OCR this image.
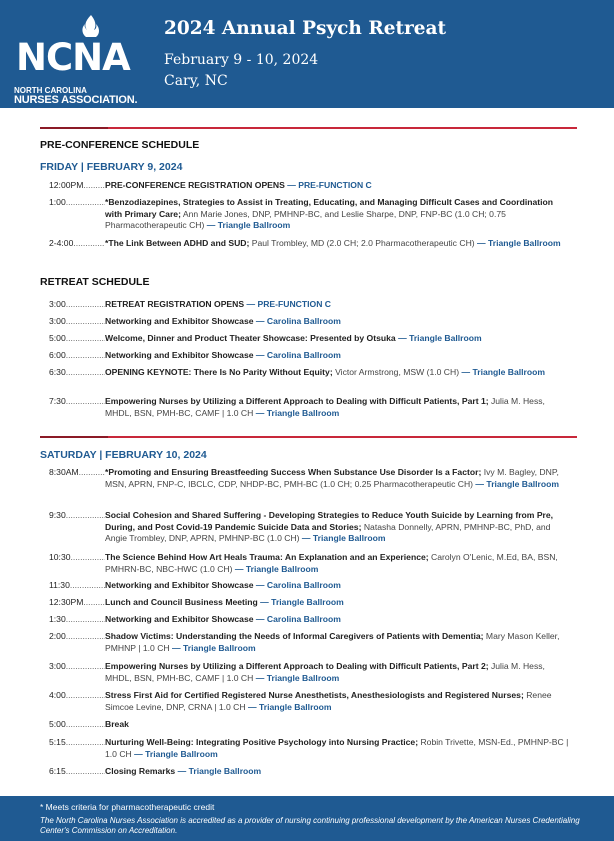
NCNA
NORTH CAROLINA
NURSES ASSOCIATION.
2024 Annual Psych Retreat
February 9 - 10, 2024
Cary, NC
PRE-CONFERENCE SCHEDULE
FRIDAY | FEBRUARY 9, 2024
12:00PM .....	PRE-CONFERENCE REGISTRATION OPENS — PRE-FUNCTION C
1:00 .....	*Benzodiazepines, Strategies to Assist in Treating, Educating, and Managing Difficult Cases and Coordination with Primary Care; Ann Marie Jones, DNP, PMHNP-BC, and Leslie Sharpe, DNP, FNP-BC (1.0 CH; 0.75 Pharmacotherapeutic CH) — Triangle Ballroom
2-4:00 .....	*The Link Between ADHD and SUD; Paul Trombley, MD (2.0 CH; 2.0 Pharmacotherapeutic CH) — Triangle Ballroom
RETREAT SCHEDULE
3:00 .....	RETREAT REGISTRATION OPENS — PRE-FUNCTION C
3:00 .....	Networking and Exhibitor Showcase — Carolina Ballroom
5:00 .....	Welcome, Dinner and Product Theater Showcase: Presented by Otsuka — Triangle Ballroom
6:00 .....	Networking and Exhibitor Showcase — Carolina Ballroom
6:30 .....	OPENING KEYNOTE: There Is No Parity Without Equity; Victor Armstrong, MSW (1.0 CH) — Triangle Ballroom
7:30 .....	Empowering Nurses by Utilizing a Different Approach to Dealing with Difficult Patients, Part 1; Julia M. Hess, MHDL, BSN, PMH-BC, CAMF | 1.0 CH — Triangle Ballroom
SATURDAY | FEBRUARY 10, 2024
8:30AM .....	*Promoting and Ensuring Breastfeeding Success When Substance Use Disorder Is a Factor; Ivy M. Bagley, DNP, MSN, APRN, FNP-C, IBCLC, CDP, NHDP-BC, PMH-BC (1.0 CH; 0.25 Pharmacotherapeutic CH) — Triangle Ballroom
9:30 .....	Social Cohesion and Shared Suffering - Developing Strategies to Reduce Youth Suicide by Learning from Pre, During, and Post Covid-19 Pandemic Suicide Data and Stories; Natasha Donnelly, APRN, PMHNP-BC, PhD, and Angie Trombley, DNP, APRN, PMHNP-BC (1.0 CH) — Triangle Ballroom
10:30 .....	The Science Behind How Art Heals Trauma: An Explanation and an Experience; Carolyn O'Lenic, M.Ed, BA, BSN, PMHRN-BC, NBC-HWC (1.0 CH) — Triangle Ballroom
11:30 .....	Networking and Exhibitor Showcase — Carolina Ballroom
12:30PM .....	Lunch and Council Business Meeting — Triangle Ballroom
1:30 .....	Networking and Exhibitor Showcase — Carolina Ballroom
2:00 .....	Shadow Victims: Understanding the Needs of Informal Caregivers of Patients with Dementia; Mary Mason Keller, PMHNP | 1.0 CH — Triangle Ballroom
3:00 .....	Empowering Nurses by Utilizing a Different Approach to Dealing with Difficult Patients, Part 2; Julia M. Hess, MHDL, BSN, PMH-BC, CAMF | 1.0 CH — Triangle Ballroom
4:00 .....	Stress First Aid for Certified Registered Nurse Anesthetists, Anesthesiologists and Registered Nurses; Renee Simcoe Levine, DNP, CRNA | 1.0 CH — Triangle Ballroom
5:00 .....	Break
5:15 .....	Nurturing Well-Being: Integrating Positive Psychology into Nursing Practice; Robin Trivette, MSN-Ed., PMHNP-BC | 1.0 CH — Triangle Ballroom
6:15 .....	Closing Remarks — Triangle Ballroom
* Meets criteria for pharmacotherapeutic credit
The North Carolina Nurses Association is accredited as a provider of nursing continuing professional development by the American Nurses Credentialing Center's Commission on Accreditation.
